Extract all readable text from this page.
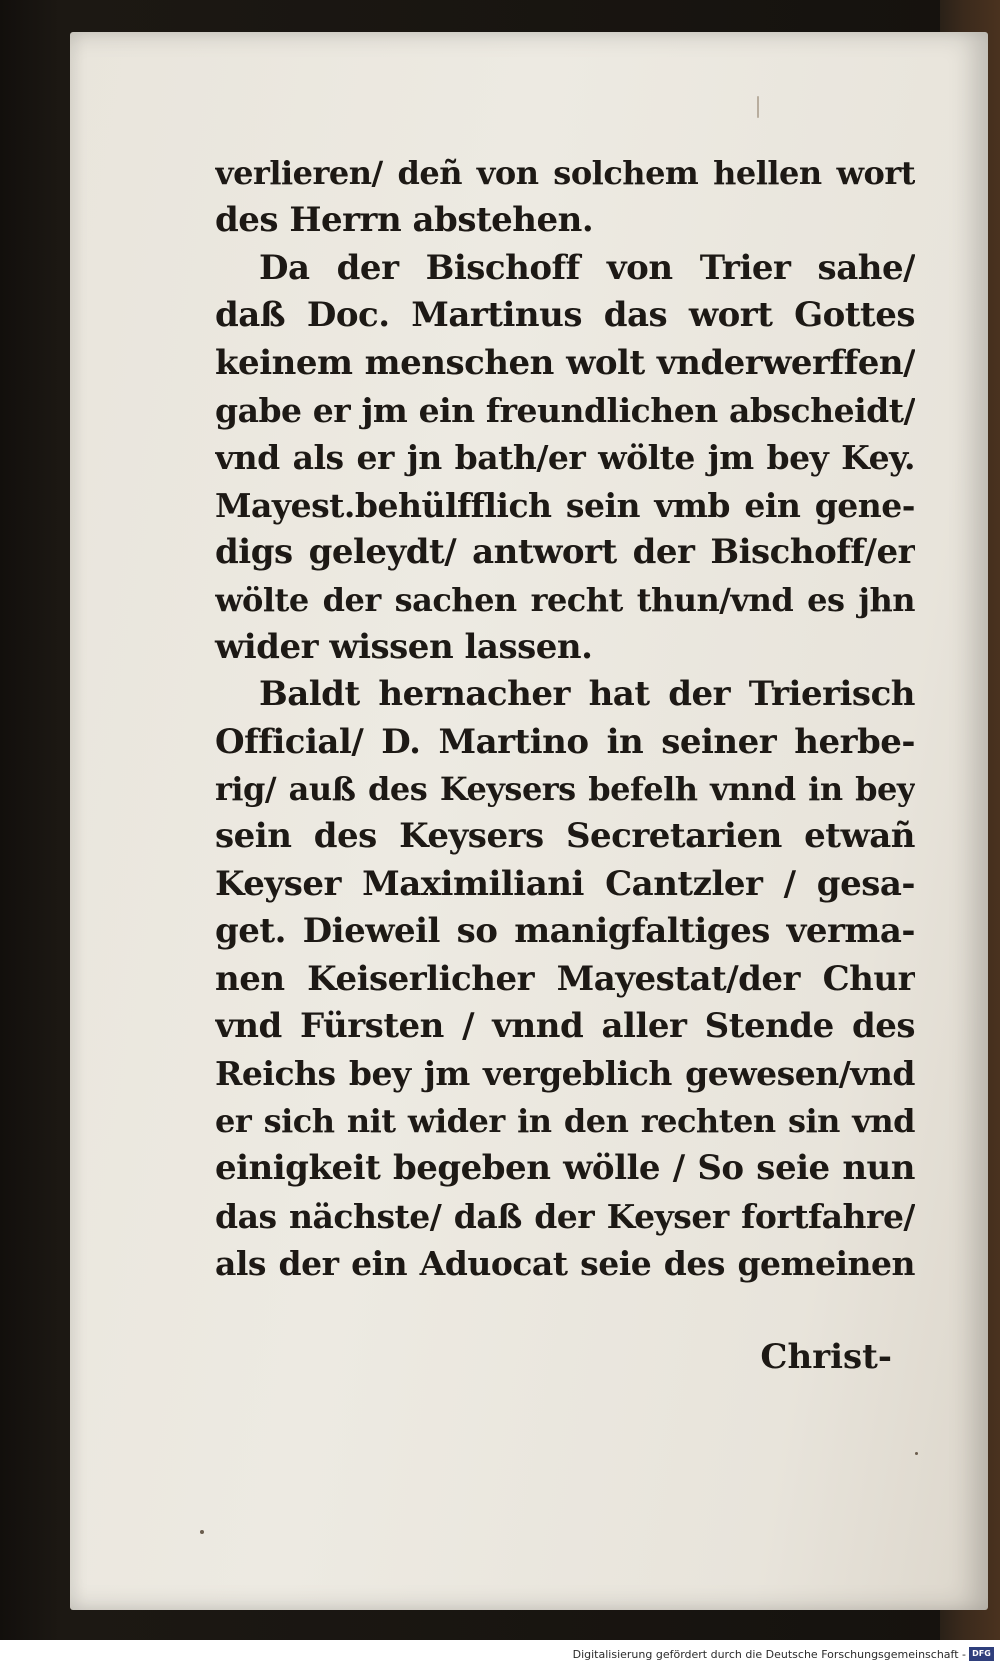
verlieren/ deñ von solchem hellen wort
des Herrn abstehen.
Da der Bischoff von Trier sahe/
daß Doc. Martinus das wort Gottes
keinem menschen wolt vnderwerffen/
gabe er jm ein freundlichen abscheidt/
vnd als er jn bath/er wölte jm bey Key.
Mayest.behülfflich sein vmb ein gene-
digs geleydt/ antwort der Bischoff/er
wölte der sachen recht thun/vnd es jhn
wider wissen lassen.
Baldt hernacher hat der Trierisch
Official/ D. Martino in seiner herbe-
rig/ auß des Keysers befelh vnnd in bey
sein des Keysers Secretarien etwañ
Keyser Maximiliani Cantzler / gesa-
get. Dieweil so manigfaltiges verma-
nen Keiserlicher Mayestat/der Chur
vnd Fürsten / vnnd aller Stende des
Reichs bey jm vergeblich gewesen/vnd
er sich nit wider in den rechten sin vnd
einigkeit begeben wölle / So seie nun
das nächste/ daß der Keyser fortfahre/
als der ein Aduocat seie des gemeinen
Christ-
Digitalisierung gefördert durch die Deutsche Forschungsgemeinschaft - DFG
